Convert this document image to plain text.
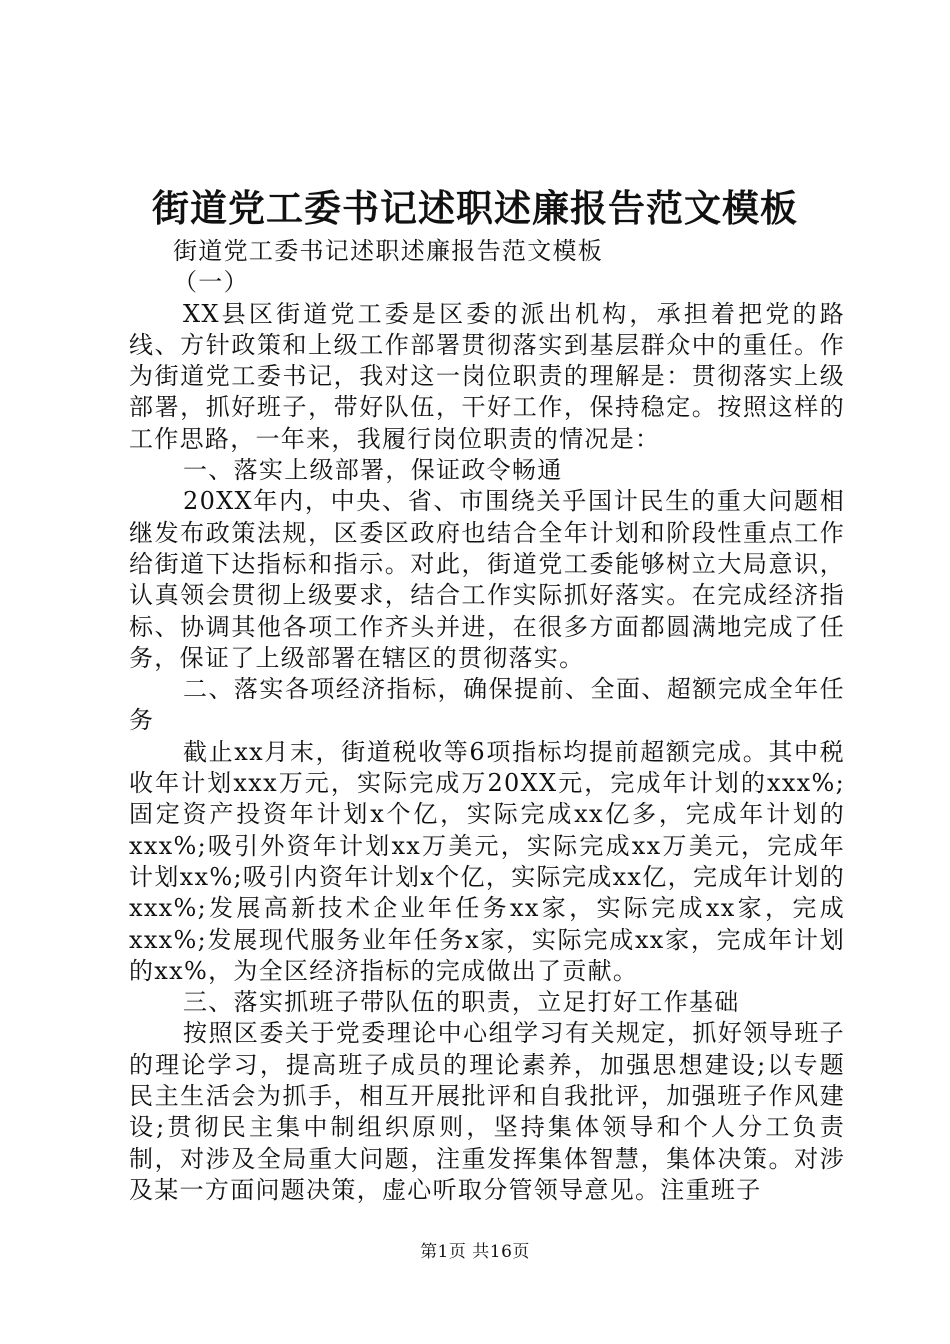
街道党工委书记述职述廉报告范文模板

街道党工委书记述职述廉报告范文模板

（一）

XX县区街道党工委是区委的派出机构，承担着把党的路线、方针政策和上级工作部署贯彻落实到基层群众中的重任。作为街道党工委书记，我对这一岗位职责的理解是：贯彻落实上级部署，抓好班子，带好队伍，干好工作，保持稳定。按照这样的工作思路，一年来，我履行岗位职责的情况是：

一、落实上级部署，保证政令畅通

20XX年内，中央、省、市围绕关乎国计民生的重大问题相继发布政策法规，区委区政府也结合全年计划和阶段性重点工作给街道下达指标和指示。对此，街道党工委能够树立大局意识，认真领会贯彻上级要求，结合工作实际抓好落实。在完成经济指标、协调其他各项工作齐头并进，在很多方面都圆满地完成了任务，保证了上级部署在辖区的贯彻落实。

二、落实各项经济指标，确保提前、全面、超额完成全年任务

截止xx月末，街道税收等6项指标均提前超额完成。其中税收年计划xxx万元，实际完成万20XX元，完成年计划的xxx%;固定资产投资年计划x个亿，实际完成xx亿多，完成年计划的xxx%;吸引外资年计划xx万美元，实际完成xx万美元，完成年计划xx%;吸引内资年计划x个亿，实际完成xx亿，完成年计划的xxx%;发展高新技术企业年任务xx家，实际完成xx家，完成xxx%;发展现代服务业年任务x家，实际完成xx家，完成年计划的xx%，为全区经济指标的完成做出了贡献。

三、落实抓班子带队伍的职责，立足打好工作基础

按照区委关于党委理论中心组学习有关规定，抓好领导班子的理论学习，提高班子成员的理论素养，加强思想建设;以专题民主生活会为抓手，相互开展批评和自我批评，加强班子作风建设;贯彻民主集中制组织原则，坚持集体领导和个人分工负责制，对涉及全局重大问题，注重发挥集体智慧，集体决策。对涉及某一方面问题决策，虚心听取分管领导意见。注重班子

第1页 共16页
